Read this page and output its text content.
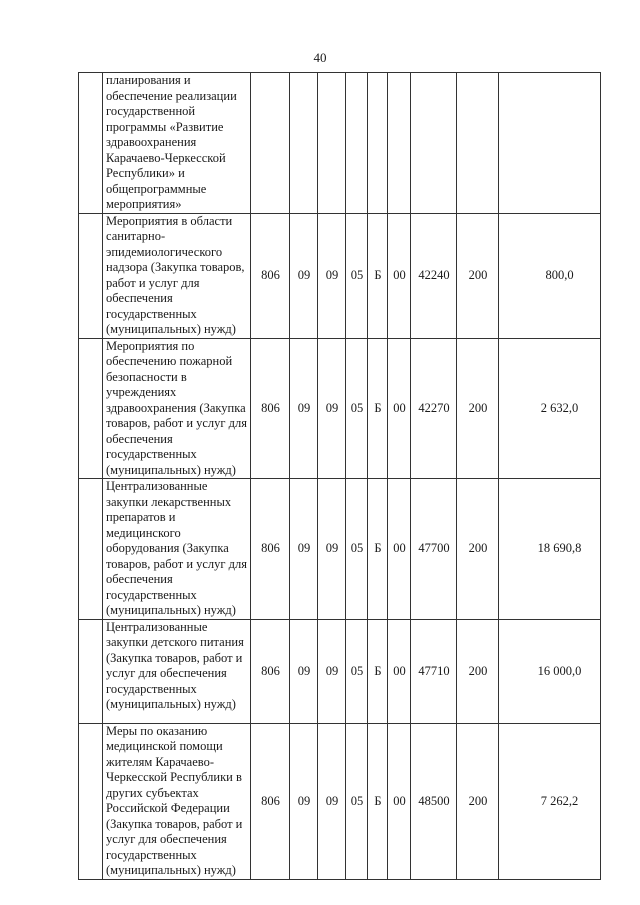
40
	планирования и обеспечение реализации государственной программы «Развитие здравоохранения Карачаево-Черкесской Республики» и общепрограммные мероприятия»									
	Мероприятия в области санитарно-эпидемиологического надзора (Закупка товаров, работ и услуг для обеспечения государственных (муниципальных) нужд)	806	09	09	05	Б	00	42240	200	800,0
	Мероприятия по обеспечению пожарной безопасности в учреждениях здравоохранения (Закупка товаров, работ и услуг для обеспечения государственных (муниципальных) нужд)	806	09	09	05	Б	00	42270	200	2 632,0
	Централизованные закупки лекарственных препаратов и медицинского оборудования (Закупка товаров, работ и услуг для обеспечения государственных (муниципальных) нужд)	806	09	09	05	Б	00	47700	200	18 690,8
	Централизованные закупки детского питания (Закупка товаров, работ и услуг для обеспечения государственных (муниципальных) нужд)	806	09	09	05	Б	00	47710	200	16 000,0
	Меры по оказанию медицинской помощи жителям Карачаево-Черкесской Республики в других субъектах Российской Федерации (Закупка товаров, работ и услуг для обеспечения государственных (муниципальных) нужд)	806	09	09	05	Б	00	48500	200	7 262,2
